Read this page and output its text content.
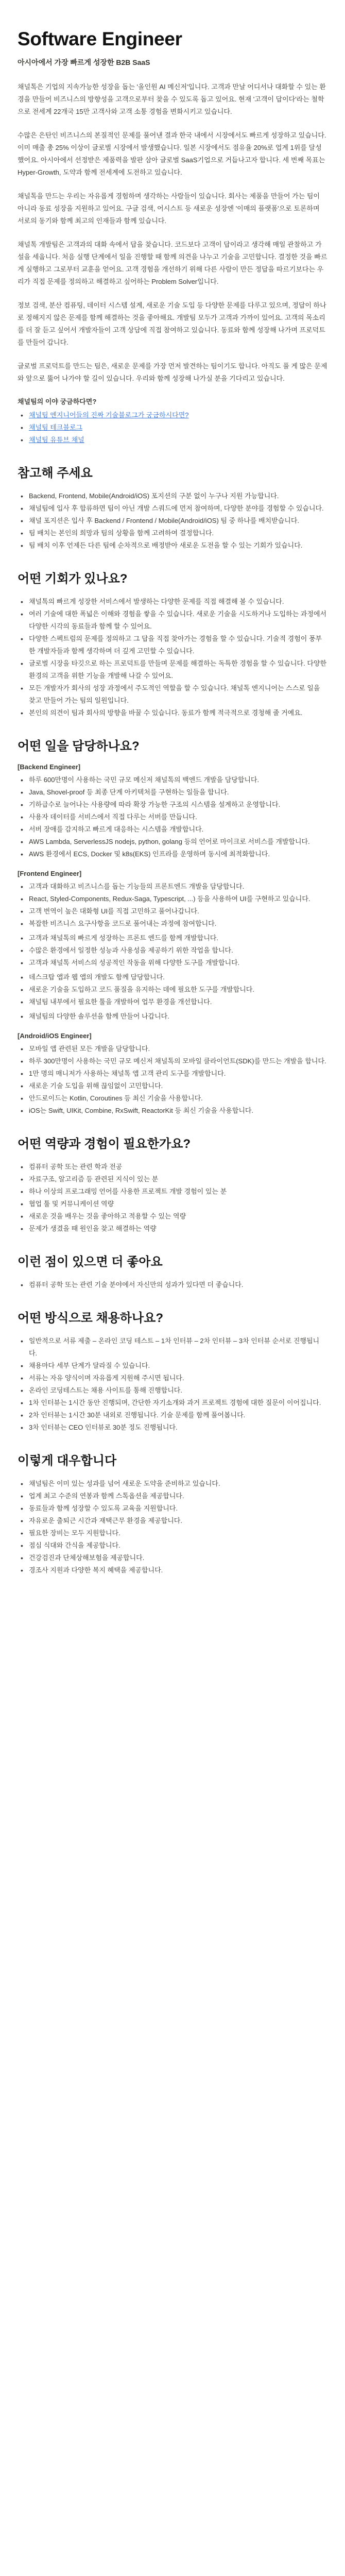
Software Engineer
아시아에서 가장 빠르게 성장한 B2B SaaS

채널톡은 기업의 지속가능한 성장을 돕는 '올인원 AI 메신저'입니다. 고객과 만날 어디서나 대화할 수 있는 환경을 만들어 비즈니스의 방향성을 고객으로부터 찾을 수 있도록 돕고 있어요. 현재 '고객이 답이다'라는 철학으로 전세계 22개국 15만 고객사와 고객 소통 경험을 변화시키고 있습니다.

수많은 은탄인 비즈니스의 본질적인 문제를 풀어낸 결과 한국 내에서 시장에서도 빠르게 성장하고 있습니다. 이미 매출 총 25% 이상이 글로벌 시장에서 발생했습니다. 일본 시장에서도 점유율 20%로 업계 1위를 달성했어요. 아시아에서 선정받은 제품력을 발판 삼아 글로벌 SaaS기업으로 거듭나고자 합니다. 세 번째 목표는 Hyper-Growth, 도약과 함께 전세계에 도전하고 있습니다.

채널톡을 만드는 우리는 자유롭게 경험하며 생각하는 사람들이 있습니다. 회사는 제품을 만들어 가는 팀이 아니라 동료 성장을 지원하고 있어요. 구글 검색, 어시스트 등 새로운 성장엔 '이매의 플랫폼'으로 토론하며 서로의 동기와 함께 최고의 인재들과 함께 있습니다.

채널톡 개발팀은 고객과의 대화 속에서 답을 찾습니다. 코드보다 고객이 답이라고 생각해 매일 관찰하고 가설을 세웁니다. 처음 실행 단계에서 일을 진행할 때 함께 의견을 나누고 기술을 고민합니다. 결정한 것을 빠르게 실행하고 그로부터 교훈을 얻어요. 고객 경험을 개선하기 위해 다른 사람이 만든 정답을 따르기보다는 우리가 직접 문제를 정의하고 해결하고 싶어하는 Problem Solver입니다.

정보 검색, 분산 컴퓨팅, 데이터 시스템 설계, 새로운 기술 도입 등 다양한 문제를 다루고 있으며, 정답이 하나로 정해지지 않은 문제를 함께 해결하는 것을 좋아해요. 개발팀 모두가 고객과 가까이 있어요. 고객의 목소리를 더 잘 듣고 싶어서 개발자들이 고객 상담에 직접 참여하고 있습니다. 동료와 함께 성장해 나가며 프로덕트를 만들어 갑니다.

글로벌 프로덕트를 만드는 팀은, 새로운 문제를 가장 먼저 발견하는 팀이기도 합니다. 아직도 풀 게 많은 문제와 앞으로 뚫어 나가야 할 길이 있습니다. 우리와 함께 성장해 나가실 분을 기다리고 있습니다.

채널팀의 이야 궁금하다면?
• 채널팀 엔지니어들의 진짜 기술블로그가 궁금하시다면?
• 채널팀 테크블로그
• 채널팀 유튜브 채널
참고해 주세요
• Backend, Frontend, Mobile(Android/iOS) 포지션의 구분 없이 누구나 지원 가능합니다.
• 채널팀에 입사 후 합류하면 팀이 아닌 개발 스쿼드에 먼저 참여하며, 다양한 분야를 경험할 수 있습니다.
• 채널 포지션은 입사 후 Backend / Frontend / Mobile(Android/iOS) 팀 중 하나를 배치받습니다.
• 팀 배치는 본인의 희망과 팀의 상황을 함께 고려하여 결정합니다.
• 팀 배치 이후 언제든 다른 팀에 순차적으로 배정받아 새로운 도전을 할 수 있는 기회가 있습니다.
어떤 기회가 있나요?
• 채널톡의 빠르게 성장한 서비스에서 발생하는 다양한 문제를 직접 해결해 볼 수 있습니다.
• 여러 기술에 대한 폭넓은 이해와 경험을 쌓을 수 있습니다. 새로운 기술을 시도하거나 도입하는 과정에서 다양한 시각의 동료들과 함께 할 수 있어요.
• 다양한 스펙트럼의 문제를 정의하고 그 답을 직접 찾아가는 경험을 할 수 있습니다. 기술적 경험이 풍부한 개발자들과 함께 생각하며 더 깊게 고민할 수 있습니다.
• 글로벌 시장을 타깃으로 하는 프로덕트를 만들며 문제를 해결하는 독특한 경험을 할 수 있습니다. 다양한 환경의 고객을 위한 기능을 개발해 나갈 수 있어요.
• 모든 개발자가 회사의 성장 과정에서 주도적인 역할을 할 수 있습니다. 채널톡 엔지니어는 스스로 일을 찾고 만들어 가는 팀의 일원입니다.
• 본인의 의견이 팀과 회사의 방향을 바꿀 수 있습니다. 동료가 함께 적극적으로 경청해 줄 거예요.
어떤 일을 담당하나요?
[Backend Engineer]
• 하루 600만명이 사용하는 국민 규모 메신저 채널톡의 백엔드 개발을 담당합니다.
• Java, Shovel-proof 등 최종 단계 아키텍처를 구현하는 일들을 합니다.
• 기하급수로 늘어나는 사용량에 따라 확장 가능한 구조의 시스템을 설계하고 운영합니다.
• 사용자 데이터를 서비스에서 직접 다루는 서버를 만듭니다.
• 서버 장애를 감지하고 빠르게 대응하는 시스템을 개발합니다.
• AWS Lambda, ServerlessJS nodejs, python, golang 등의 언어로 마이크로 서비스를 개발합니다.
• AWS 환경에서 ECS, Docker 및 k8s(EKS) 인프라를 운영하며 동시에 최적화합니다.
[Frontend Engineer]
• 고객과 대화하고 비즈니스를 돕는 기능들의 프론트엔드 개발을 담당합니다.
• React, Styled-Components, Redux-Saga, Typescript, ...) 등을 사용하여 UI를 구현하고 있습니다.
• 고객 번역이 높은 대화형 UI를 직접 고민하고 풀어나갑니다.
• 복잡한 비즈니스 요구사항을 코드로 풀어내는 과정에 참여합니다.
• 고객과 채널톡의 빠르게 성장하는 프론트 엔드를 함께 개발합니다.
• 수많은 환경에서 일정한 성능과 사용성을 제공하기 위한 작업을 합니다.
• 고객과 채널톡 서비스의 성공적인 작동을 위해 다양한 도구를 개발합니다.
• 데스크탑 앱과 웹 앱의 개발도 함께 담당합니다.
• 새로운 기술을 도입하고 코드 품질을 유지하는 데에 필요한 도구를 개발합니다.
• 채널팀 내부에서 필요한 툴을 개발하여 업무 환경을 개선합니다.
• 채널팀의 다양한 솔루션을 함께 만들어 나갑니다.
[Android/iOS Engineer]
• 모바일 앱 관련된 모든 개발을 담당합니다.
• 하루 300만명이 사용하는 국민 규모 메신저 채널톡의 모바일 클라이언트(SDK)를 만드는 개발을 합니다.
• 1만 명의 매니저가 사용하는 채널톡 앱 고객 관리 도구를 개발합니다.
• 새로운 기술 도입을 위해 끊임없이 고민합니다.
• 안드로이드는 Kotlin, Coroutines 등 최신 기술을 사용합니다.
• iOS는 Swift, UIKit, Combine, RxSwift, ReactorKit 등 최신 기술을 사용합니다.
어떤 역량과 경험이 필요한가요?
• 컴퓨터 공학 또는 관련 학과 전공
• 자료구조, 알고리즘 등 관련된 지식이 있는 분
• 하나 이상의 프로그래밍 언어를 사용한 프로젝트 개발 경험이 있는 분
• 협업 툴 및 커뮤니케이션 역량
• 새로운 것을 배우는 것을 좋아하고 적용할 수 있는 역량
• 문제가 생겼을 때 원인을 찾고 해결하는 역량
이런 점이 있으면 더 좋아요
• 컴퓨터 공학 또는 관련 기술 분야에서 자신만의 성과가 있다면 더 좋습니다.
어떤 방식으로 채용하나요?
• 일반적으로 서류 제출 – 온라인 코딩 테스트 – 1차 인터뷰 – 2차 인터뷰 – 3차 인터뷰 순서로 진행됩니다.
• 채용마다 세부 단계가 달라질 수 있습니다.
• 서류는 자유 양식이며 자유롭게 지원해 주시면 됩니다.
• 온라인 코딩테스트는 채용 사이트를 통해 진행합니다.
• 1차 인터뷰는 1시간 동안 진행되며, 간단한 자기소개와 과거 프로젝트 경험에 대한 질문이 이어집니다.
• 2차 인터뷰는 1시간 30분 내외로 진행됩니다. 기술 문제를 함께 풀어봅니다.
• 3차 인터뷰는 CEO 인터뷰로 30분 정도 진행됩니다.
이렇게 대우합니다
• 채널팀은 이미 있는 성과를 넘어 새로운 도약을 준비하고 있습니다.
• 업계 최고 수준의 연봉과 함께 스톡옵션을 제공합니다.
• 동료들과 함께 성장할 수 있도록 교육을 지원합니다.
• 자유로운 출퇴근 시간과 재택근무 환경을 제공합니다.
• 필요한 장비는 모두 지원합니다.
• 점심 식대와 간식을 제공합니다.
• 건강검진과 단체상해보험을 제공합니다.
• 경조사 지원과 다양한 복지 혜택을 제공합니다.
